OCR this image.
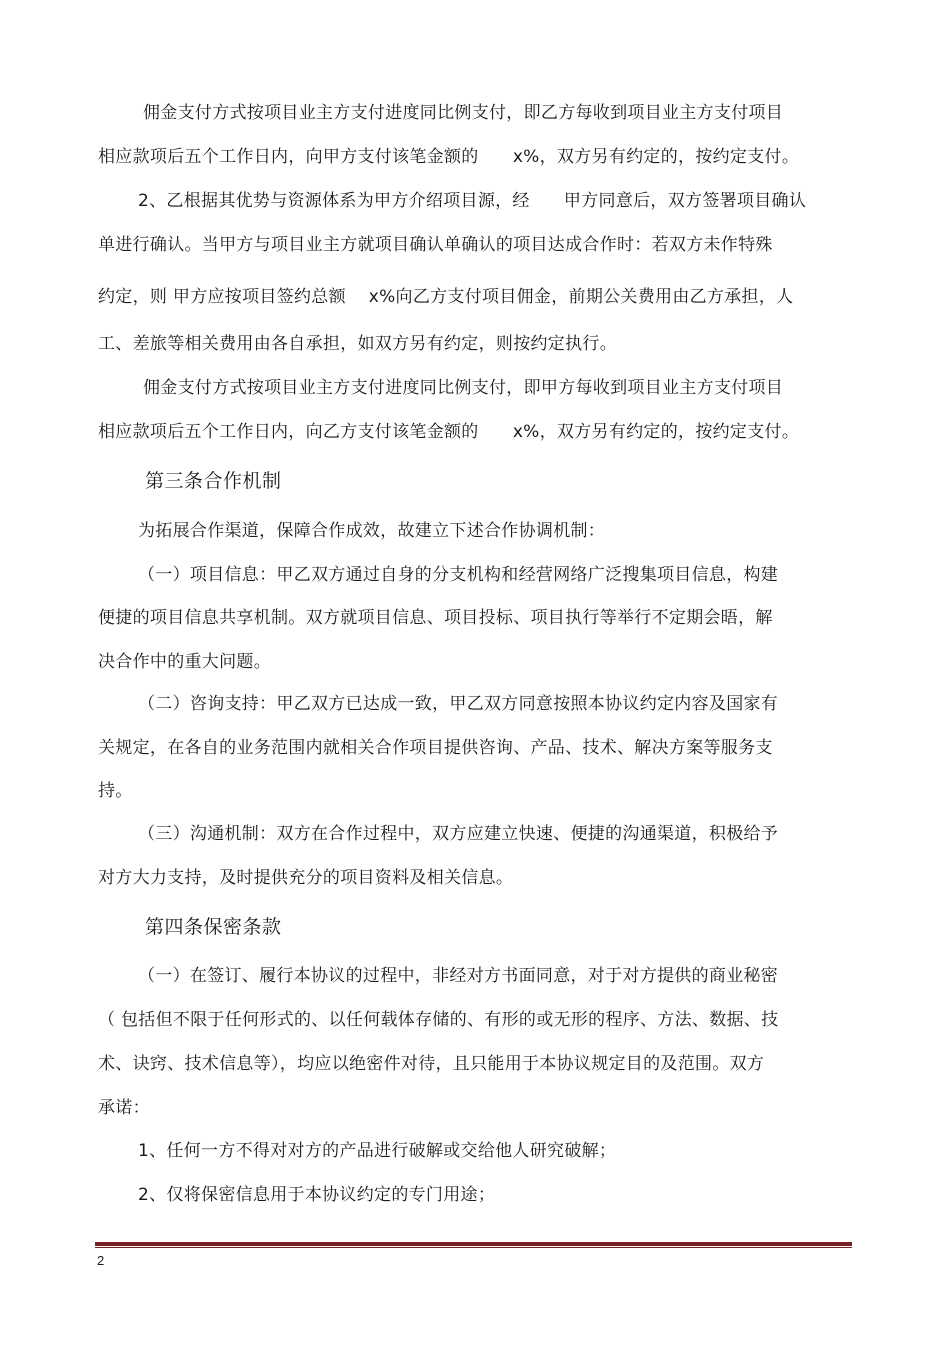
佣金支付方式按项目业主方支付进度同比例支付，即乙方每收到项目业主方支付项目
相应款项后五个工作日内，向甲方支付该笔金额的      x%，双方另有约定的，按约定支付。
2、乙根据其优势与资源体系为甲方介绍项目源，经      甲方同意后，双方签署项目确认
单进行确认。当甲方与项目业主方就项目确认单确认的项目达成合作时：若双方未作特殊
约定，则 甲方应按项目签约总额    x%向乙方支付项目佣金，前期公关费用由乙方承担，人
工、差旅等相关费用由各自承担，如双方另有约定，则按约定执行。
佣金支付方式按项目业主方支付进度同比例支付，即甲方每收到项目业主方支付项目
相应款项后五个工作日内，向乙方支付该笔金额的      x%，双方另有约定的，按约定支付。
第三条合作机制
为拓展合作渠道，保障合作成效，故建立下述合作协调机制：
（一）项目信息：甲乙双方通过自身的分支机构和经营网络广泛搜集项目信息，构建
便捷的项目信息共享机制。双方就项目信息、项目投标、项目执行等举行不定期会晤，解
决合作中的重大问题。
（二）咨询支持：甲乙双方已达成一致，甲乙双方同意按照本协议约定内容及国家有
关规定，在各自的业务范围内就相关合作项目提供咨询、产品、技术、解决方案等服务支
持。
（三）沟通机制：双方在合作过程中，双方应建立快速、便捷的沟通渠道，积极给予
对方大力支持，及时提供充分的项目资料及相关信息。
第四条保密条款
（一）在签订、履行本协议的过程中，非经对方书面同意，对于对方提供的商业秘密
（ 包括但不限于任何形式的、以任何载体存储的、有形的或无形的程序、方法、数据、技
术、诀窍、技术信息等），均应以绝密件对待，且只能用于本协议规定目的及范围。双方
承诺：
1、任何一方不得对对方的产品进行破解或交给他人研究破解；
2、仅将保密信息用于本协议约定的专门用途；
2
